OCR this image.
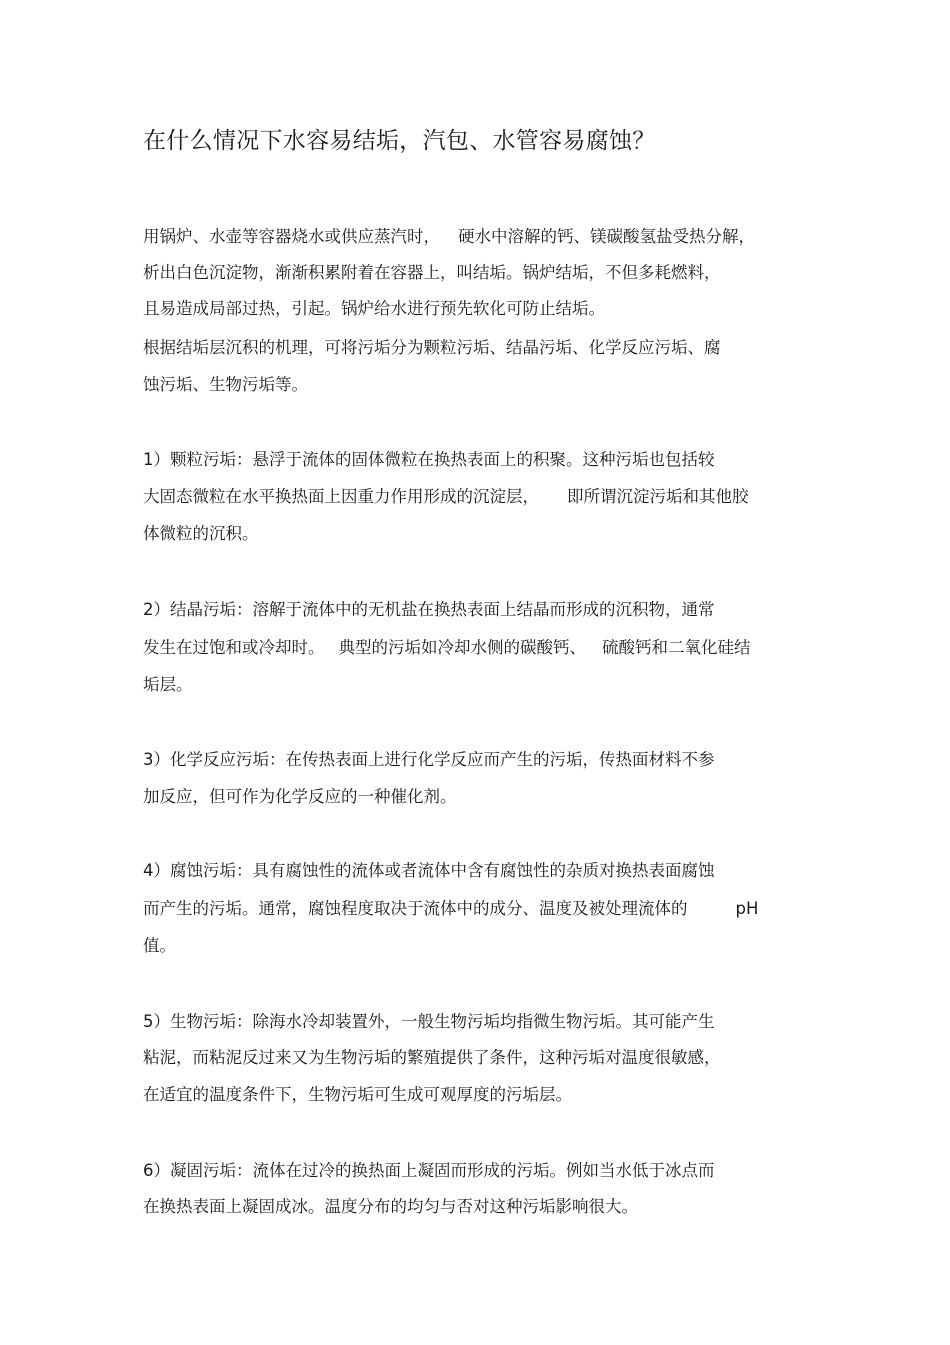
在什么情况下水容易结垢，汽包、水管容易腐蚀？
用锅炉、水壶等容器烧水或供应蒸汽时， 硬水中溶解的钙、镁碳酸氢盐受热分解，
析出白色沉淀物，渐渐积累附着在容器上，叫结垢。锅炉结垢，不但多耗燃料，
且易造成局部过热，引起。锅炉给水进行预先软化可防止结垢。
根据结垢层沉积的机理，可将污垢分为颗粒污垢、结晶污垢、化学反应污垢、腐
蚀污垢、生物污垢等。
1）颗粒污垢：悬浮于流体的固体微粒在换热表面上的积聚。这种污垢也包括较
大固态微粒在水平换热面上因重力作用形成的沉淀层， 即所谓沉淀污垢和其他胶
体微粒的沉积。
2）结晶污垢：溶解于流体中的无机盐在换热表面上结晶而形成的沉积物，通常
发生在过饱和或冷却时。 典型的污垢如冷却水侧的碳酸钙、 硫酸钙和二氧化硅结
垢层。
3）化学反应污垢：在传热表面上进行化学反应而产生的污垢，传热面材料不参
加反应，但可作为化学反应的一种催化剂。
4）腐蚀污垢：具有腐蚀性的流体或者流体中含有腐蚀性的杂质对换热表面腐蚀
而产生的污垢。通常，腐蚀程度取决于流体中的成分、温度及被处理流体的	pH
值。
5）生物污垢：除海水冷却装置外，一般生物污垢均指微生物污垢。其可能产生
粘泥，而粘泥反过来又为生物污垢的繁殖提供了条件，这种污垢对温度很敏感，
在适宜的温度条件下，生物污垢可生成可观厚度的污垢层。
6）凝固污垢：流体在过冷的换热面上凝固而形成的污垢。例如当水低于冰点而
在换热表面上凝固成冰。温度分布的均匀与否对这种污垢影响很大。
